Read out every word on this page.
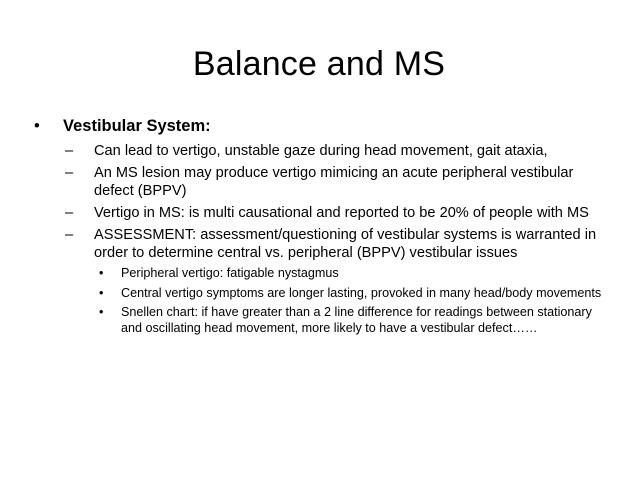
Balance and MS
• Vestibular System:
– Can lead to vertigo, unstable gaze during head movement, gait ataxia,
– An MS lesion may produce vertigo mimicing an acute peripheral vestibular defect (BPPV)
– Vertigo in MS: is multi causational and reported to be 20% of people with MS
– ASSESSMENT: assessment/questioning of vestibular systems is warranted in order to determine central vs. peripheral (BPPV) vestibular issues
• Peripheral vertigo: fatigable nystagmus
• Central vertigo symptoms are longer lasting, provoked in many head/body movements
• Snellen chart: if have greater than a 2 line difference for readings between stationary and oscillating head movement, more likely to have a vestibular defect……
